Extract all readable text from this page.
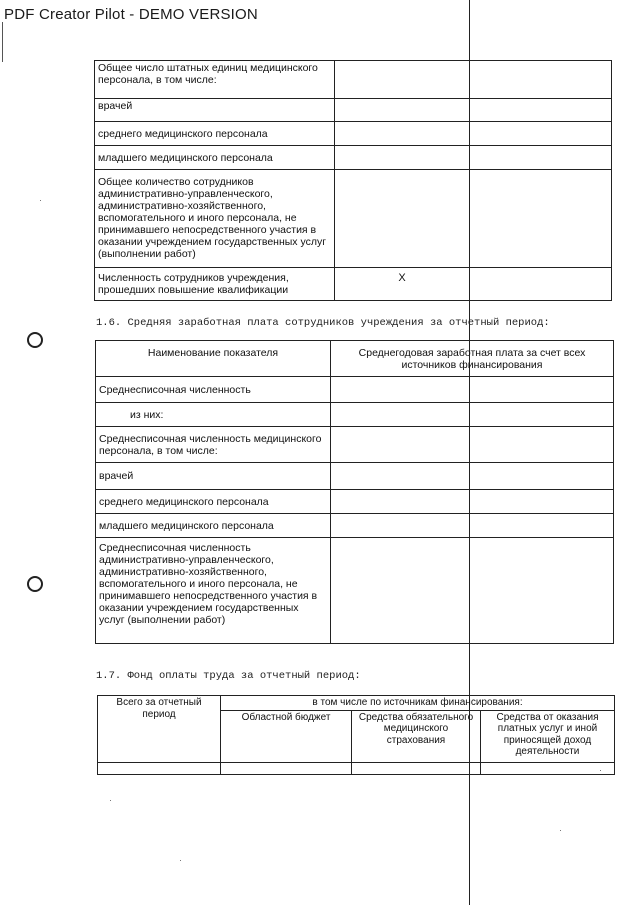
PDF Creator Pilot - DEMO VERSION
Общее число штатных единиц медицинского персонала, в том числе:		
врачей		
среднего медицинского персонала		
младшего медицинского персонала		
Общее количество сотрудников административно-управленческого, административно-хозяйственного, вспомогательного и иного персонала, не принимавшего непосредственного участия в оказании учреждением государственных услуг (выполнении работ)		
Численность сотрудников учреждения, прошедших повышение квалификации	X	
1.6. Средняя заработная плата сотрудников учреждения за отчетный период:
Наименование показателя	Среднегодовая заработная плата за счет всех источников финансирования
Среднесписочная численность	
из них:	
Среднесписочная численность медицинского персонала, в том числе:	
врачей	
среднего медицинского персонала	
младшего медицинского персонала	
Среднесписочная численность административно-управленческого, административно-хозяйственного, вспомогательного и иного персонала, не принимавшего непосредственного участия в оказании учреждением государственных услуг (выполнении работ)	
1.7. Фонд оплаты труда за отчетный период:
Всего за отчетный период	в том числе по источникам финансирования:		
	Областной бюджет	Средства обязательного медицинского страхования	Средства от оказания платных услуг и иной приносящей доход деятельности
